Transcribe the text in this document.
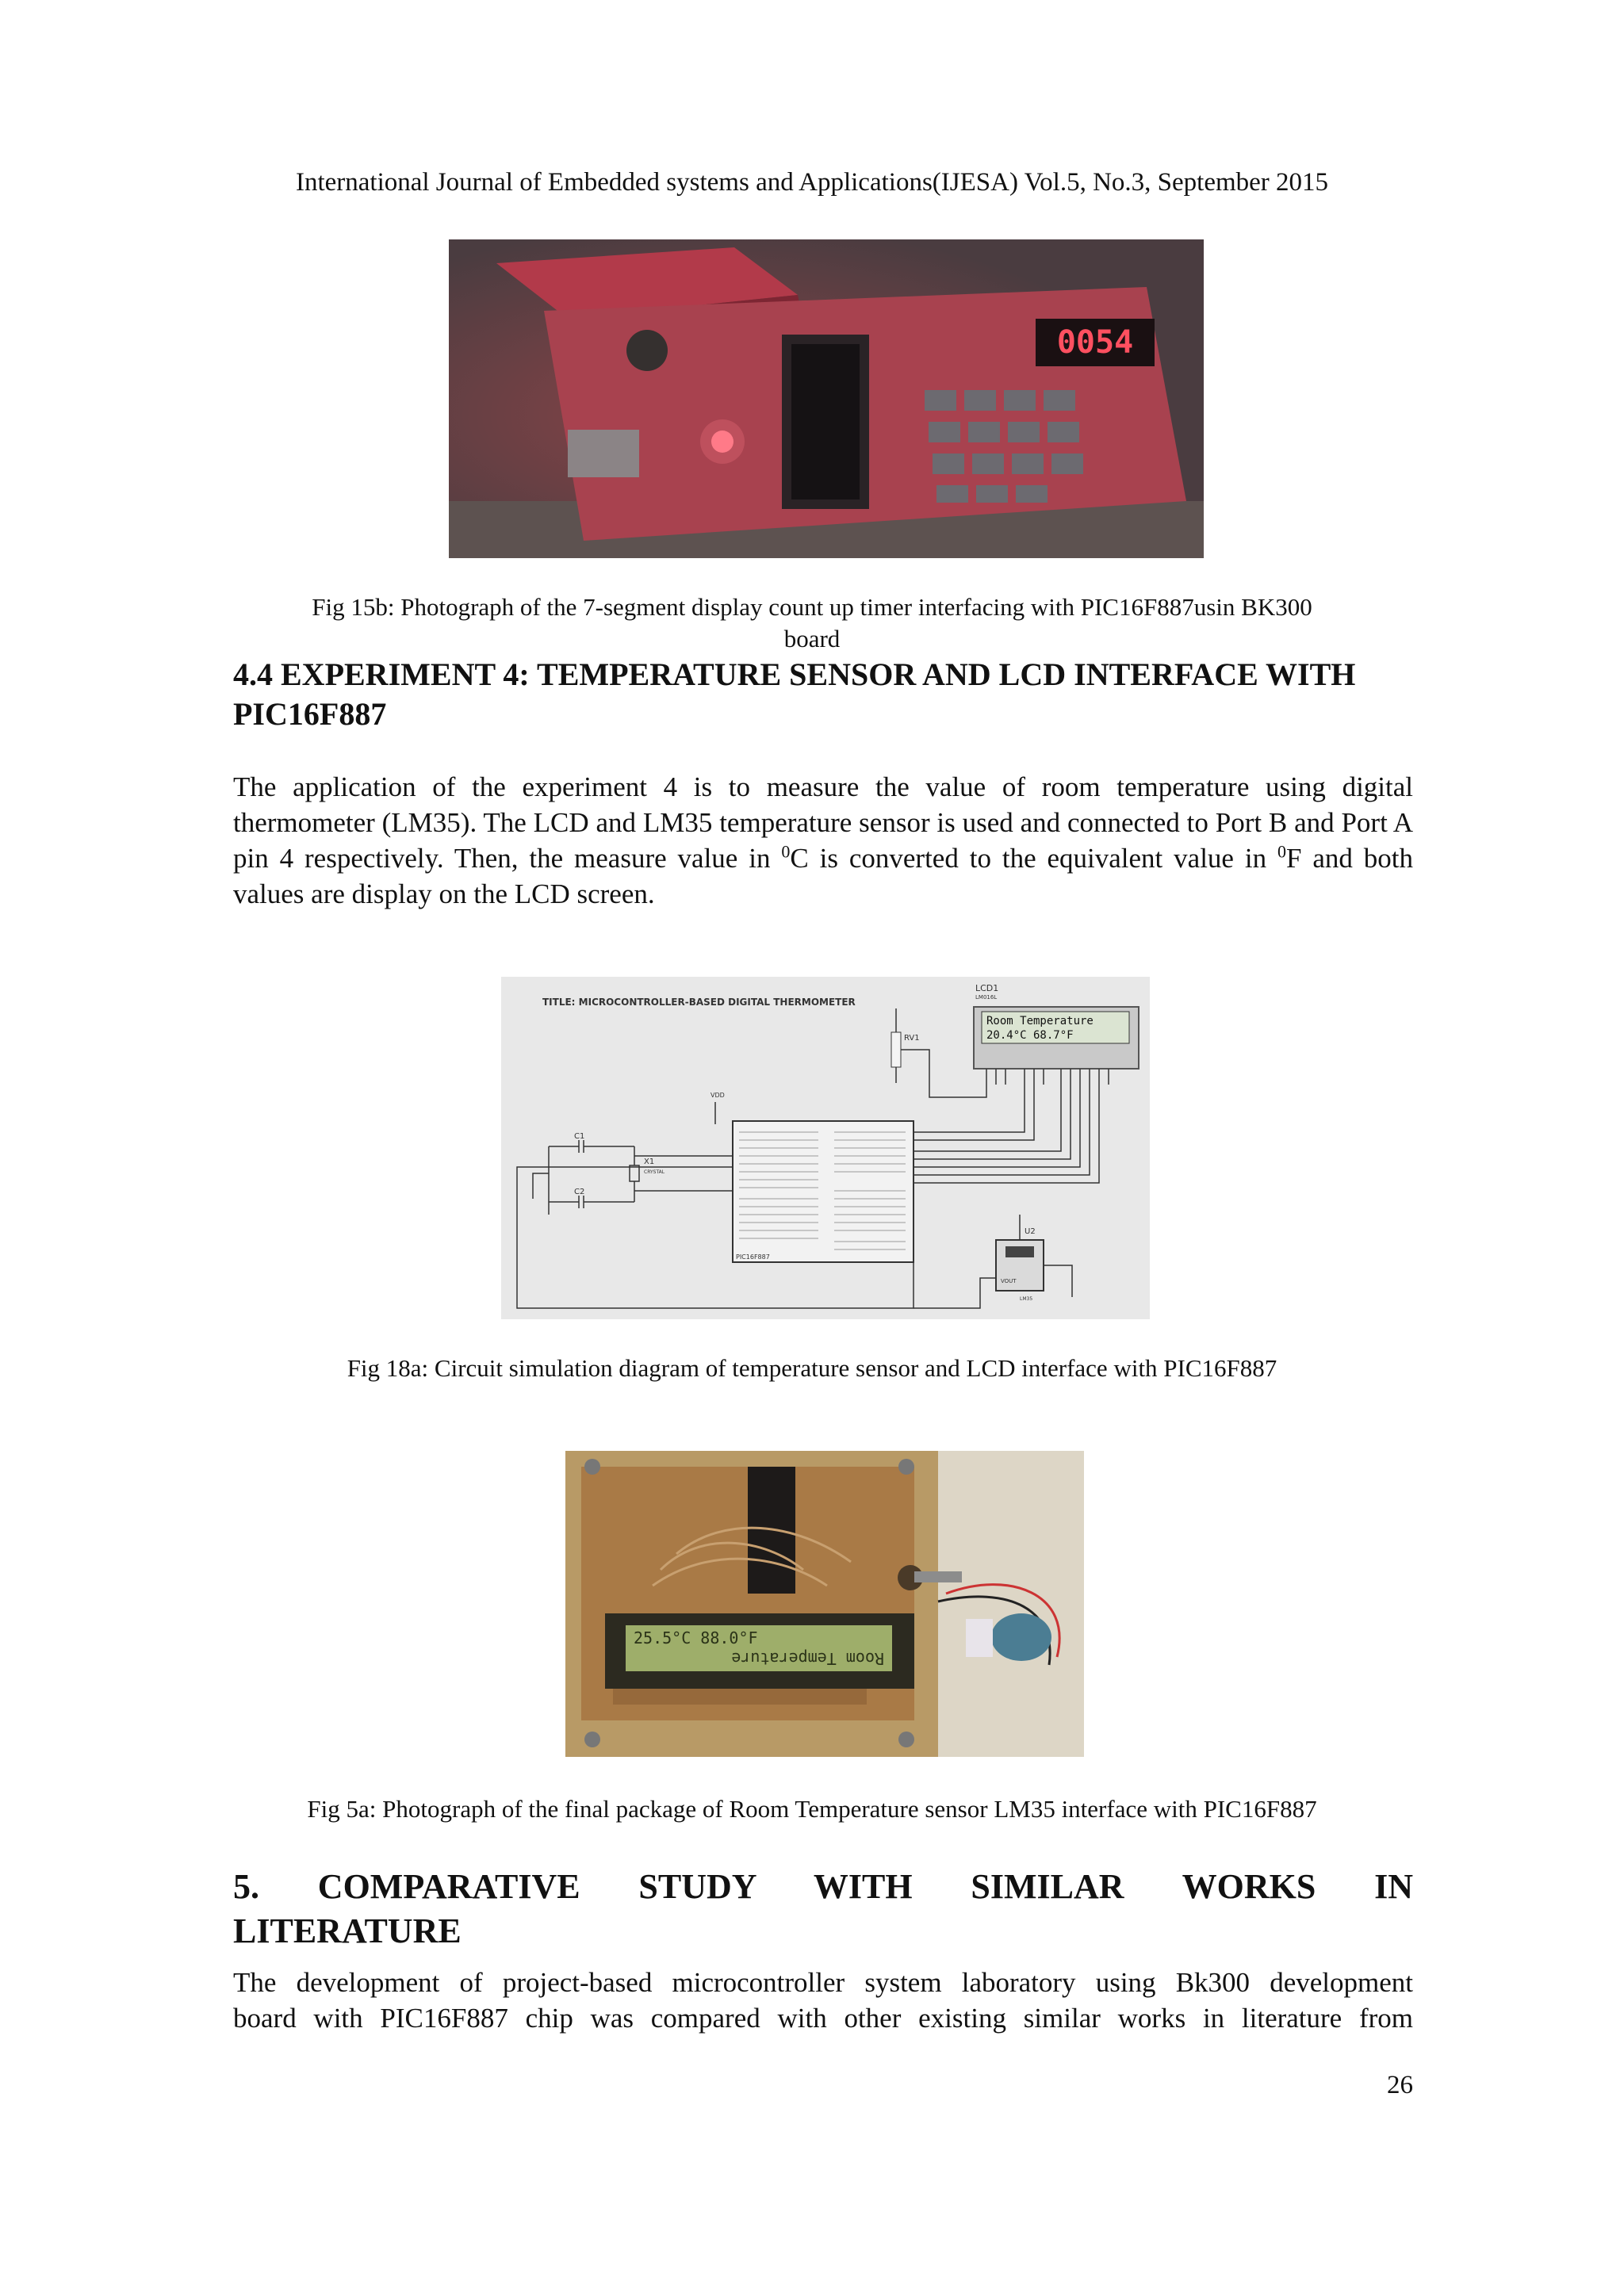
International Journal of Embedded systems and Applications(IJESA) Vol.5, No.3, September 2015
0054
Fig 15b: Photograph of the 7-segment display count up timer interfacing with PIC16F887usin BK300
board
4.4 EXPERIMENT 4: TEMPERATURE SENSOR AND LCD INTERFACE WITH
PIC16F887
The application of the experiment 4 is to measure the value of room temperature using digital thermometer (LM35). The LCD and LM35 temperature sensor is used and connected to Port B and Port A pin 4 respectively. Then, the measure value in $^0$C is converted to the equivalent value in $^0$F and both values are display on the LCD screen.
TITLE: MICROCONTROLLER-BASED DIGITAL THERMOMETER
LCD1
LM016L
Room Temperature
20.4°C 68.7°F
RV1
VDD
PIC16F887
C1
C2
X1
CRYSTAL
U2
VOUT
LM35
Fig 18a: Circuit simulation diagram of temperature sensor and LCD interface with PIC16F887
25.5°C 88.0°F
Room Temperature
Fig 5a: Photograph of the final package of Room Temperature sensor LM35 interface with PIC16F887
5. COMPARATIVE STUDY WITH SIMILAR WORKS IN
LITERATURE
The development of project-based microcontroller system laboratory using Bk300 development
board with PIC16F887 chip was compared with other existing similar works in literature from
26
